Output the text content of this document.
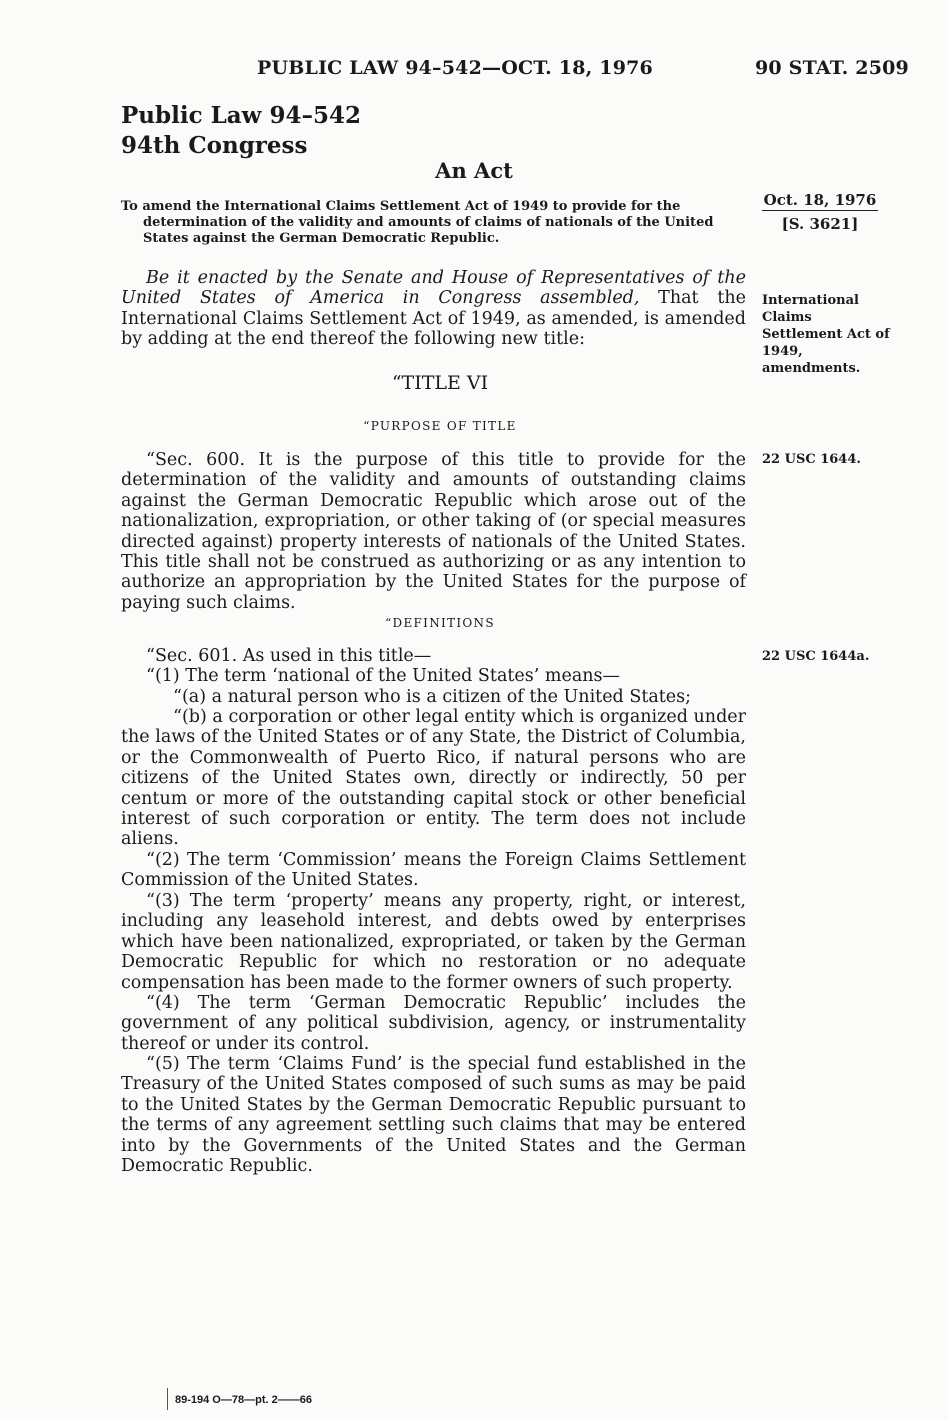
PUBLIC LAW 94–542—OCT. 18, 1976	90 STAT. 2509
Public Law 94–542
94th Congress
An Act
To amend the International Claims Settlement Act of 1949 to provide for the
determination of the validity and amounts of claims of nationals of the United
States against the German Democratic Republic.
Oct. 18, 1976
[S. 3621]
Be it enacted by the Senate and House of Representatives of the United States of America in Congress assembled, That the International Claims Settlement Act of 1949, as amended, is amended by adding at the end thereof the following new title:
International
Claims
Settlement Act of
1949,
amendments.
“TITLE VI
“PURPOSE OF TITLE
“Sec. 600. It is the purpose of this title to provide for the determination of the validity and amounts of outstanding claims against the German Democratic Republic which arose out of the nationalization, expropriation, or other taking of (or special measures directed against) property interests of nationals of the United States. This title shall not be construed as authorizing or as any intention to authorize an appropriation by the United States for the purpose of paying such claims.
22 USC 1644.
“DEFINITIONS
“Sec. 601. As used in this title—	22 USC 1644a.
“(1) The term ‘national of the United States’ means—
“(a) a natural person who is a citizen of the United States;
“(b) a corporation or other legal entity which is organized under the laws of the United States or of any State, the District of Columbia, or the Commonwealth of Puerto Rico, if natural persons who are citizens of the United States own, directly or indirectly, 50 per centum or more of the outstanding capital stock or other beneficial interest of such corporation or entity. The term does not include aliens.
“(2) The term ‘Commission’ means the Foreign Claims Settlement Commission of the United States.
“(3) The term ‘property’ means any property, right, or interest, including any leasehold interest, and debts owed by enterprises which have been nationalized, expropriated, or taken by the German Democratic Republic for which no restoration or no adequate compensation has been made to the former owners of such property.
“(4) The term ‘German Democratic Republic’ includes the government of any political subdivision, agency, or instrumentality thereof or under its control.
“(5) The term ‘Claims Fund’ is the special fund established in the Treasury of the United States composed of such sums as may be paid to the United States by the German Democratic Republic pursuant to the terms of any agreement settling such claims that may be entered into by the Governments of the United States and the German Democratic Republic.
89-194 O—78—pt. 2——66
